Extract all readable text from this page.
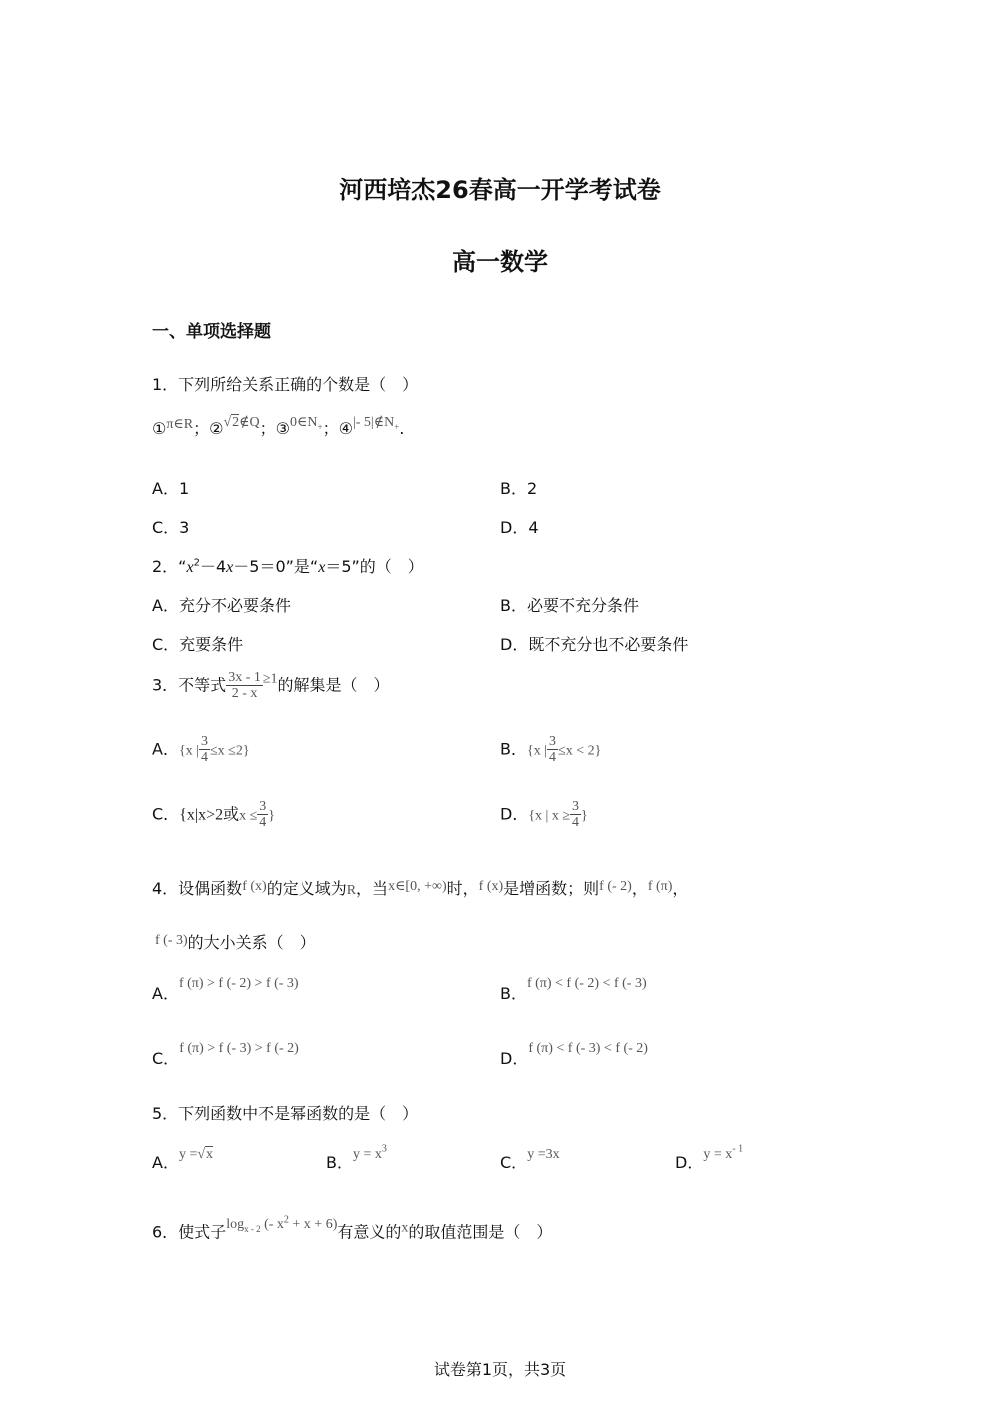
河西培杰26春高一开学考试卷
高一数学
一、单项选择题
1．下列所给关系正确的个数是（　）
①π∈R；②√2∉Q；$③0\in N_+$；④|- $5|\notin N_+$.
A．1	B．2
C．3	D．4
2．“$x^2-4x-5=0$”是“x＝5”的（　）
A．充分不必要条件	B．必要不充分条件
C．充要条件	D．既不充分也不必要条件
3．不等式 $\frac{3x - 1}{2 - x} \ge 1$的解集是（　）
A．{x | $\frac{3}{4} \le x \le 2$}	B．{x | $\frac{3}{4} \le x < 2$}
C．{x|x>2或$x \le \frac{3}{4}$ }	D．{x | $x \ge \frac{3}{4}$ }
4．设偶函数f (x)的定义域为R，当x∈[0, +∞)时，f (x)是增函数；则f (- 2)，f (π)，
f (- 3)的大小关系（　）
A．f (π) > f (- 2) > f (- 3)
B．f (π) < f (- 2) < f (- 3)
C．f (π) > f (- 3) > f (- 2)
D．f (π) < f (- 3) < f (- 2)
5．下列函数中不是幂函数的是（　）
A．y =√x	B．$y = x^3$
C．y =3x	D．$y = x^{- 1}$
6．使式子$\log_{x - 2}$ (- $x^2 + x + 6$)有意义的x的取值范围是（　）
试卷第1页，共3页
